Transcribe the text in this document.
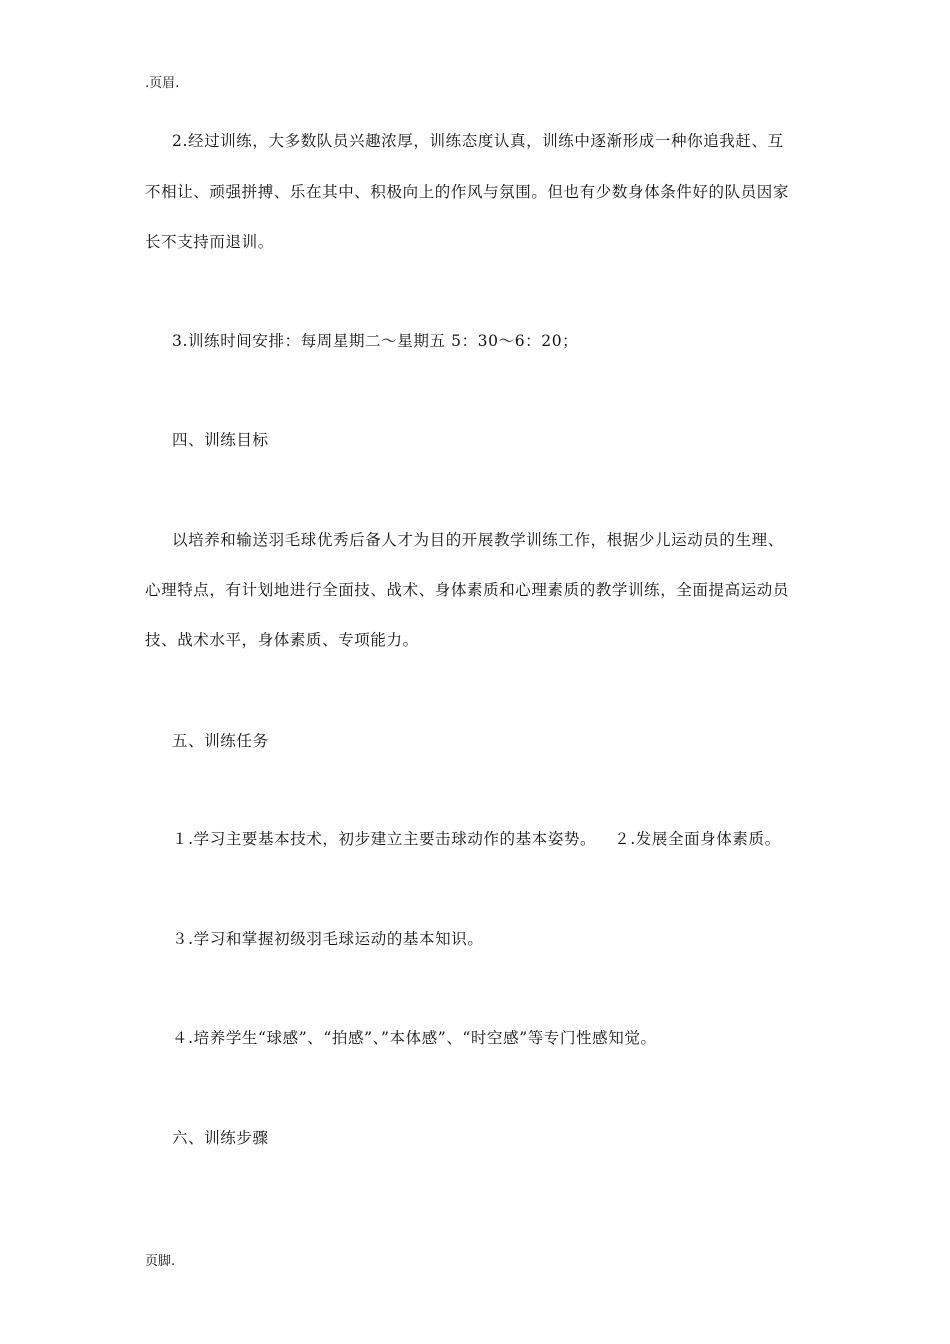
.页眉.
2.经过训练，大多数队员兴趣浓厚，训练态度认真，训练中逐渐形成一种你追我赶、互
不相让、顽强拼搏、乐在其中、积极向上的作风与氛围。但也有少数身体条件好的队员因家
长不支持而退训。
3.训练时间安排：每周星期二～星期五 5：30～6：20；
四、训练目标
以培养和输送羽毛球优秀后备人才为目的开展教学训练工作，根据少儿运动员的生理、
心理特点，有计划地进行全面技、战术、身体素质和心理素质的教学训练，全面提高运动员
技、战术水平，身体素质、专项能力。
五、训练任务
１.学习主要基本技术，初步建立主要击球动作的基本姿势。 ２.发展全面身体素质。
３.学习和掌握初级羽毛球运动的基本知识。
４.培养学生“球感”、“拍感”、”本体感”、“时空感”等专门性感知觉。
六、训练步骤
页脚.
